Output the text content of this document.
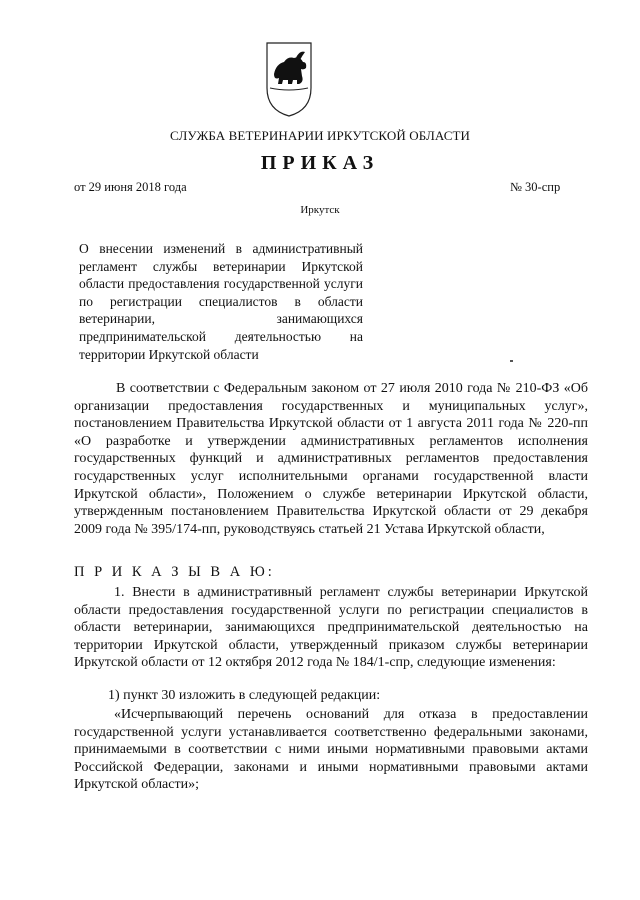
СЛУЖБА ВЕТЕРИНАРИИ ИРКУТСКОЙ ОБЛАСТИ
ПРИКАЗ
от 29 июня 2018 года	№ 30-спр
Иркутск
О внесении изменений в административный регламент службы ветеринарии Иркутской области предоставления государственной услуги по регистрации специалистов в области ветеринарии, занимающихся предпринимательской деятельностью на территории Иркутской области
В соответствии с Федеральным законом от 27 июля 2010 года № 210-ФЗ «Об организации предоставления государственных и муниципальных услуг», постановлением Правительства Иркутской области от 1 августа 2011 года № 220-пп «О разработке и утверждении административных регламентов исполнения государственных функций и административных регламентов предоставления государственных услуг исполнительными органами государственной власти Иркутской области», Положением о службе ветеринарии Иркутской области, утвержденным постановлением Правительства Иркутской области от 29 декабря 2009 года № 395/174-пп, руководствуясь статьей 21 Устава Иркутской области,
П Р И К А З Ы В А Ю:
1. Внести в административный регламент службы ветеринарии Иркутской области предоставления государственной услуги по регистрации специалистов в области ветеринарии, занимающихся предпринимательской деятельностью на территории Иркутской области, утвержденный приказом службы ветеринарии Иркутской области от 12 октября 2012 года № 184/1-спр, следующие изменения:
1) пункт 30 изложить в следующей редакции:
«Исчерпывающий перечень оснований для отказа в предоставлении государственной услуги устанавливается соответственно федеральными законами, принимаемыми в соответствии с ними иными нормативными правовыми актами Российской Федерации, законами и иными нормативными правовыми актами Иркутской области»;
